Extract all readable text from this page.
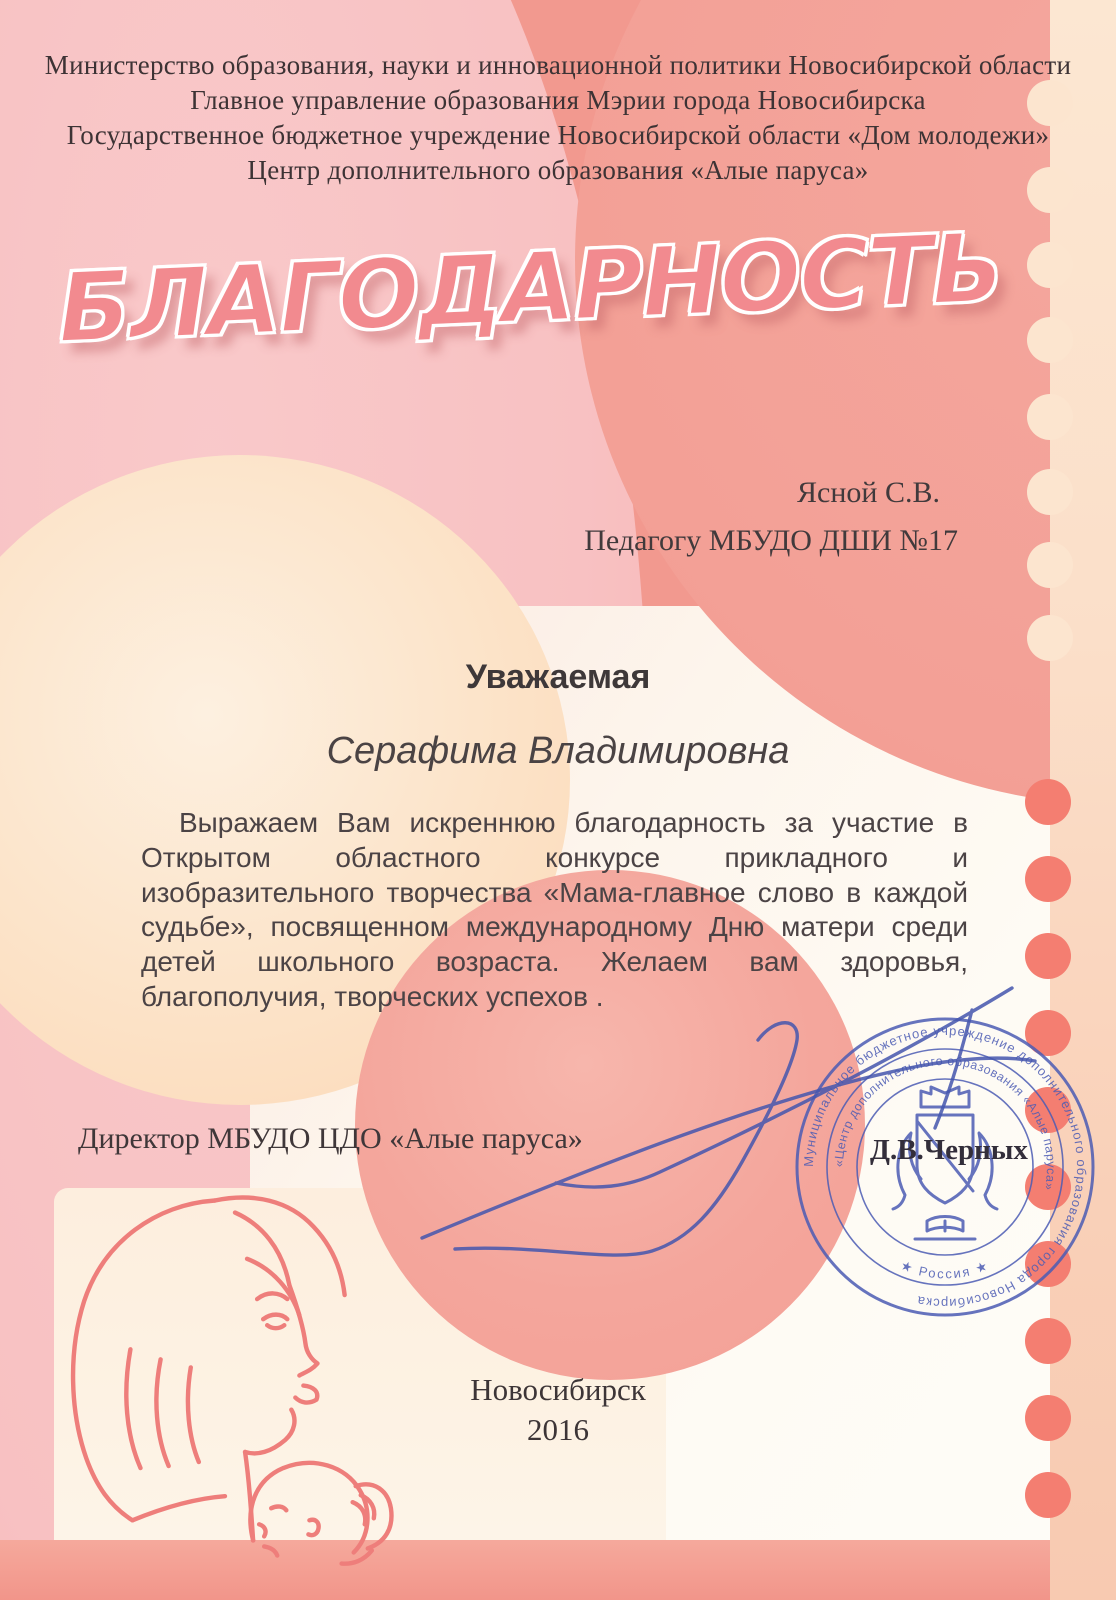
Министерство образования, науки и инновационной политики Новосибирской области
Главное управление образования Мэрии города Новосибирска
Государственное бюджетное учреждение Новосибирской области «Дом молодежи»
Центр дополнительного образования «Алые паруса»
БЛАГОДАРНОСТЬ
Ясной С.В.
Педагогу МБУДО ДШИ №17
Уважаемая
Серафима Владимировна
Выражаем Вам искреннюю благодарность за участие в Открытом областного конкурсе прикладного и изобразительного творчества «Мама-главное слово в каждой судьбе», посвященном международному Дню матери среди детей школьного возраста. Желаем вам здоровья, благополучия, творческих успехов .
Директор МБУДО ЦДО «Алые паруса»
Муниципальное бюджетное учреждение дополнительного образования города Новосибирска
«Центр дополнительного образования «Алые паруса»
★ Россия ★
Д.В.Черных
Новосибирск
2016
